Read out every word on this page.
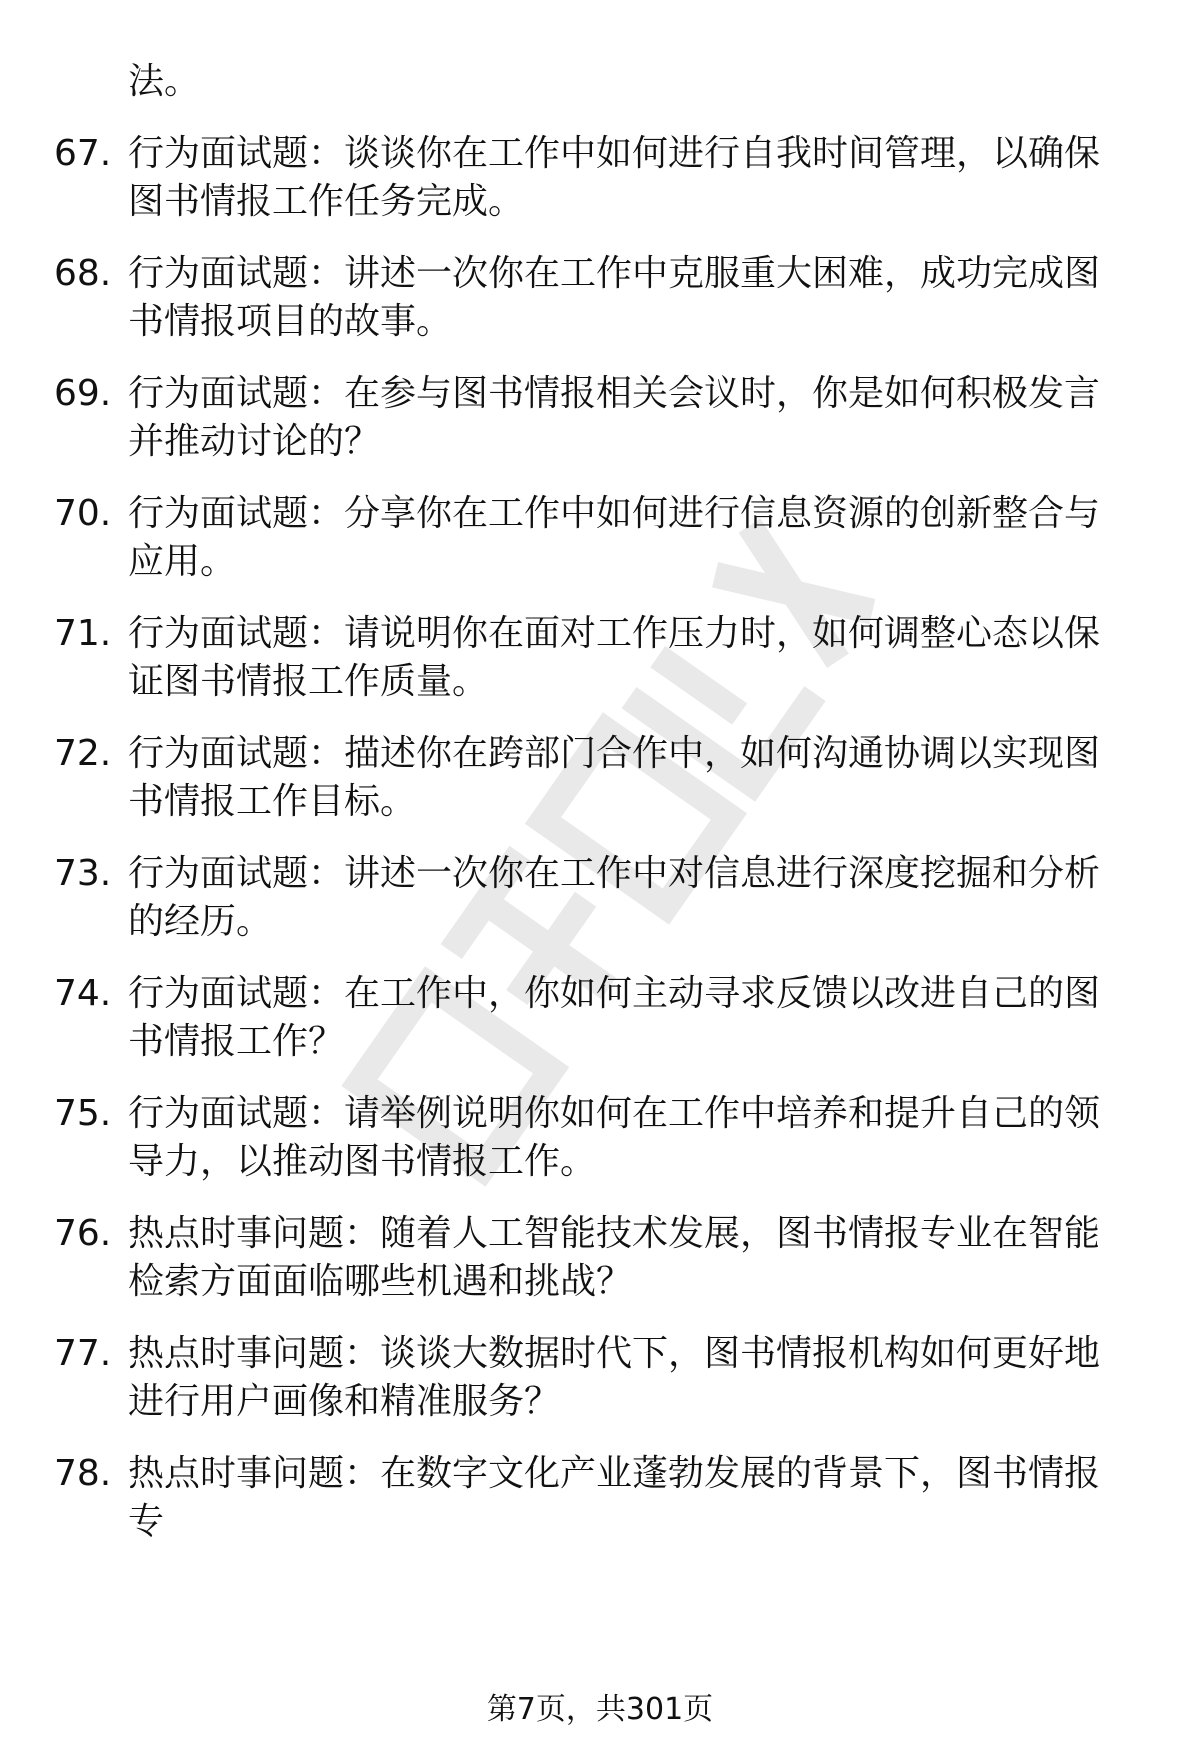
法。
67. 行为面试题：谈谈你在工作中如何进行自我时间管理，以确保图书情报工作任务完成。
68. 行为面试题：讲述一次你在工作中克服重大困难，成功完成图书情报项目的故事。
69. 行为面试题：在参与图书情报相关会议时，你是如何积极发言并推动讨论的？
70. 行为面试题：分享你在工作中如何进行信息资源的创新整合与应用。
71. 行为面试题：请说明你在面对工作压力时，如何调整心态以保证图书情报工作质量。
72. 行为面试题：描述你在跨部门合作中，如何沟通协调以实现图书情报工作目标。
73. 行为面试题：讲述一次你在工作中对信息进行深度挖掘和分析的经历。
74. 行为面试题：在工作中，你如何主动寻求反馈以改进自己的图书情报工作？
75. 行为面试题：请举例说明你如何在工作中培养和提升自己的领导力，以推动图书情报工作。
76. 热点时事问题：随着人工智能技术发展，图书情报专业在智能检索方面面临哪些机遇和挑战？
77. 热点时事问题：谈谈大数据时代下，图书情报机构如何更好地进行用户画像和精准服务？
78. 热点时事问题：在数字文化产业蓬勃发展的背景下，图书情报专
第7页，共301页
